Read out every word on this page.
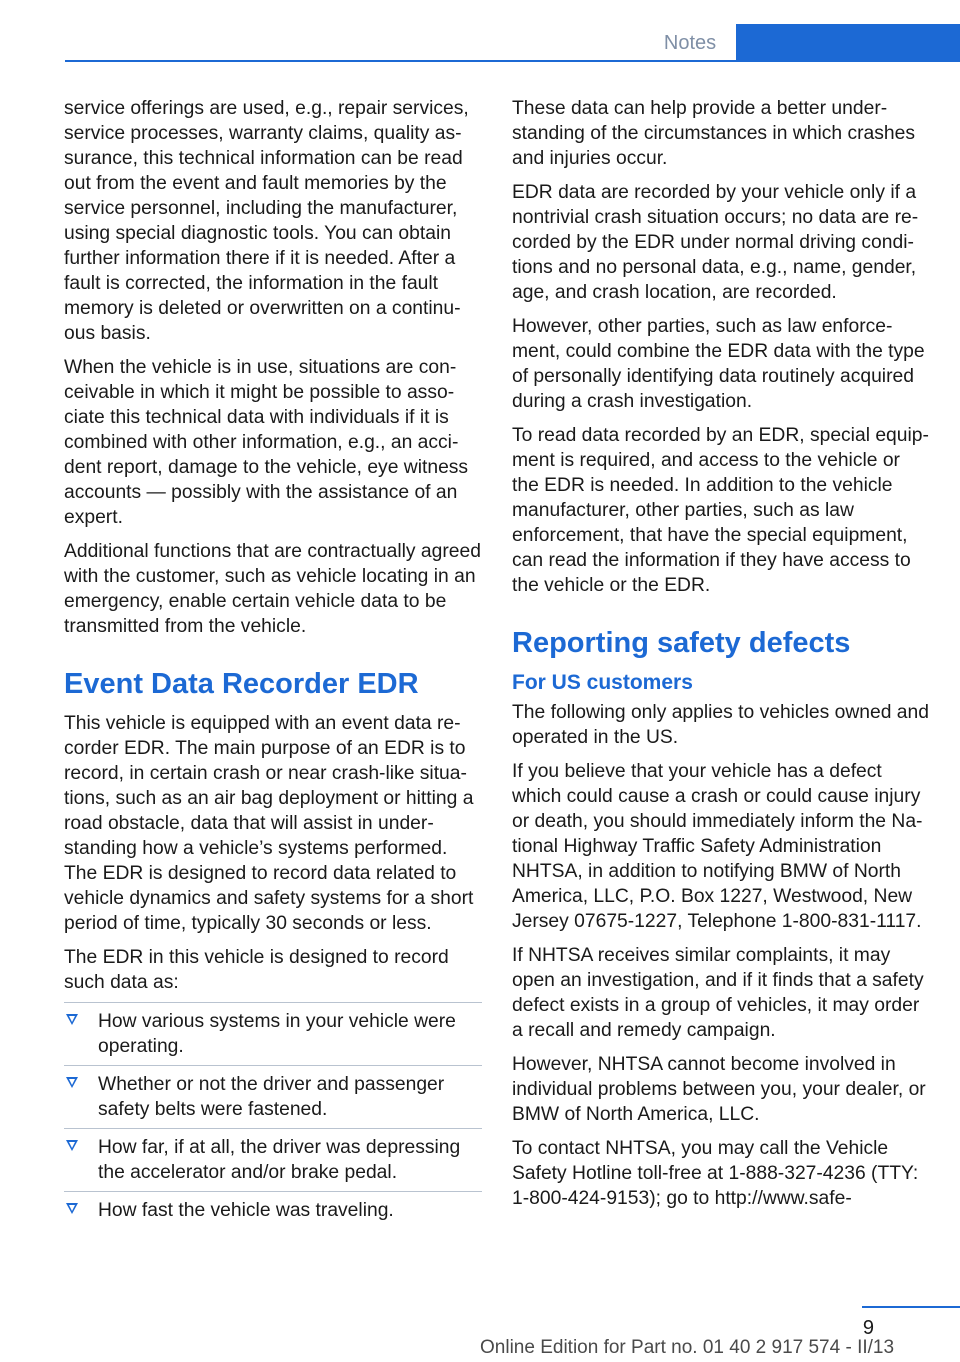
Notes

service offerings are used, e.g., repair services, service processes, warranty claims, quality assurance, this technical information can be read out from the event and fault memories by the service personnel, including the manufacturer, using special diagnostic tools. You can obtain further information there if it is needed. After a fault is corrected, the information in the fault memory is deleted or overwritten on a continuous basis.

When the vehicle is in use, situations are conceivable in which it might be possible to associate this technical data with individuals if it is combined with other information, e.g., an accident report, damage to the vehicle, eye witness accounts — possibly with the assistance of an expert.

Additional functions that are contractually agreed with the customer, such as vehicle locating in an emergency, enable certain vehicle data to be transmitted from the vehicle.

Event Data Recorder EDR

This vehicle is equipped with an event data recorder EDR. The main purpose of an EDR is to record, in certain crash or near crash-like situations, such as an air bag deployment or hitting a road obstacle, data that will assist in understanding how a vehicle’s systems performed. The EDR is designed to record data related to vehicle dynamics and safety systems for a short period of time, typically 30 seconds or less.

The EDR in this vehicle is designed to record such data as:

How various systems in your vehicle were operating.
Whether or not the driver and passenger safety belts were fastened.
How far, if at all, the driver was depressing the accelerator and/or brake pedal.
How fast the vehicle was traveling.

These data can help provide a better understanding of the circumstances in which crashes and injuries occur.

EDR data are recorded by your vehicle only if a nontrivial crash situation occurs; no data are recorded by the EDR under normal driving conditions and no personal data, e.g., name, gender, age, and crash location, are recorded.

However, other parties, such as law enforcement, could combine the EDR data with the type of personally identifying data routinely acquired during a crash investigation.

To read data recorded by an EDR, special equipment is required, and access to the vehicle or the EDR is needed. In addition to the vehicle manufacturer, other parties, such as law enforcement, that have the special equipment, can read the information if they have access to the vehicle or the EDR.

Reporting safety defects
For US customers

The following only applies to vehicles owned and operated in the US.

If you believe that your vehicle has a defect which could cause a crash or could cause injury or death, you should immediately inform the National Highway Traffic Safety Administration NHTSA, in addition to notifying BMW of North America, LLC, P.O. Box 1227, Westwood, New Jersey 07675-1227, Telephone 1-800-831-1117.

If NHTSA receives similar complaints, it may open an investigation, and if it finds that a safety defect exists in a group of vehicles, it may order a recall and remedy campaign.

However, NHTSA cannot become involved in individual problems between you, your dealer, or BMW of North America, LLC.

To contact NHTSA, you may call the Vehicle Safety Hotline toll-free at 1-888-327-4236 (TTY: 1-800-424-9153); go to http://www.safe-

9
Online Edition for Part no. 01 40 2 917 574 - II/13
